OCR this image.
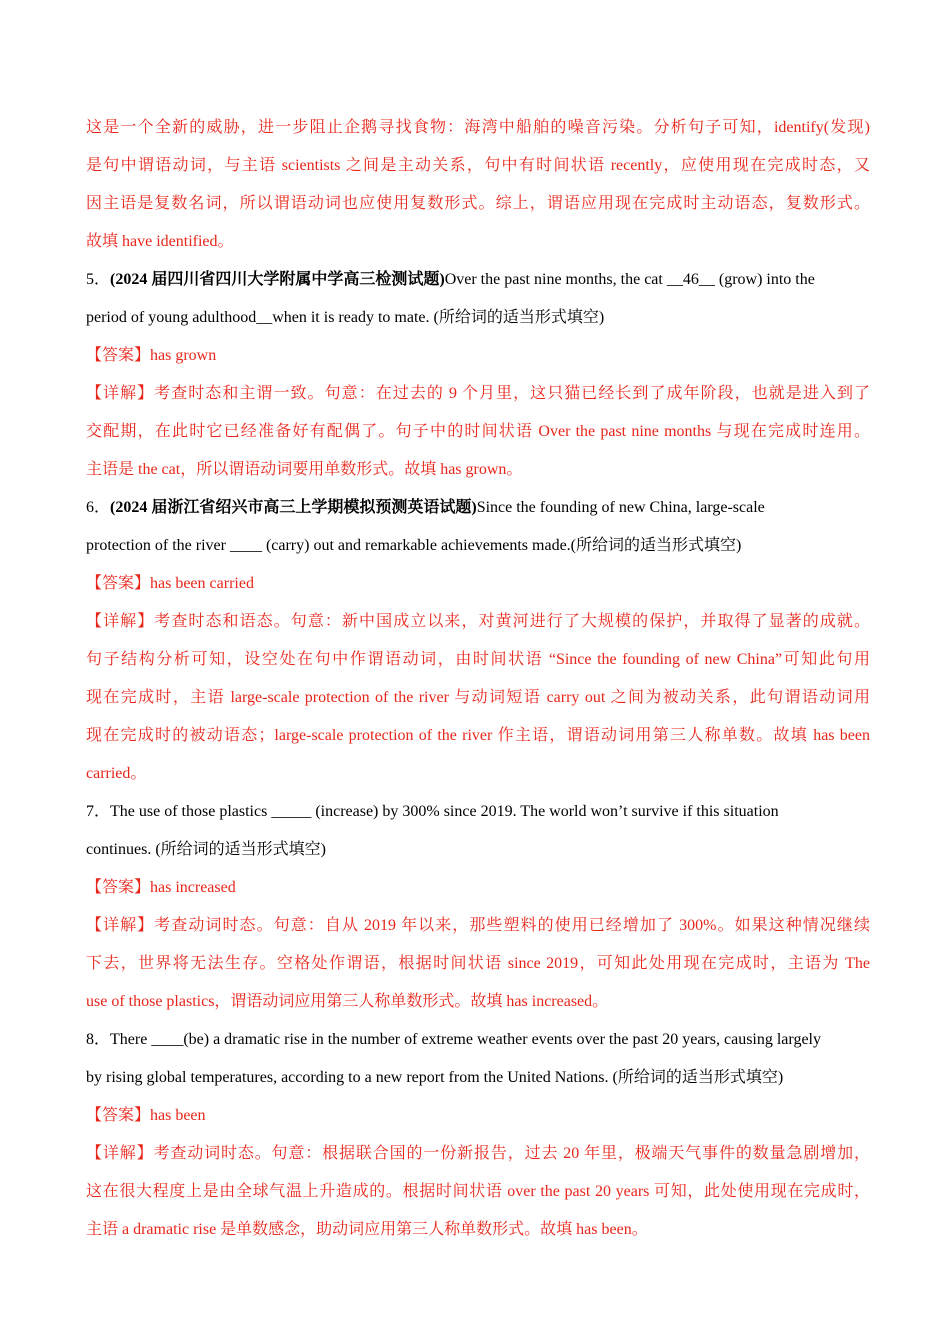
这是一个全新的威胁，进一步阻止企鹅寻找食物：海湾中船舶的噪音污染。分析句子可知，identify(发现)
是句中谓语动词，与主语 scientists 之间是主动关系，句中有时间状语 recently，应使用现在完成时态，又
因主语是复数名词，所以谓语动词也应使用复数形式。综上，谓语应用现在完成时主动语态，复数形式。
故填 have identified。
5．(2024 届四川省四川大学附属中学高三检测试题)Over the past nine months, the cat __46__ (grow) into the
period of young adulthood__when it is ready to mate. (所给词的适当形式填空)
【答案】has grown
【详解】考查时态和主谓一致。句意：在过去的 9 个月里，这只猫已经长到了成年阶段，也就是进入到了
交配期，在此时它已经准备好有配偶了。句子中的时间状语 Over the past nine months 与现在完成时连用。
主语是 the cat，所以谓语动词要用单数形式。故填 has grown。
6．(2024 届浙江省绍兴市高三上学期模拟预测英语试题)Since the founding of new China, large-scale
protection of the river ____ (carry) out and remarkable achievements made.(所给词的适当形式填空)
【答案】has been carried
【详解】考查时态和语态。句意：新中国成立以来，对黄河进行了大规模的保护，并取得了显著的成就。
句子结构分析可知，设空处在句中作谓语动词，由时间状语 “Since the founding of new China”可知此句用
现在完成时，主语 large-scale protection of the river 与动词短语 carry out 之间为被动关系，此句谓语动词用
现在完成时的被动语态；large-scale protection of the river 作主语，谓语动词用第三人称单数。故填 has been
carried。
7．The use of those plastics _____ (increase) by 300% since 2019. The world won’t survive if this situation
continues. (所给词的适当形式填空)
【答案】has increased
【详解】考查动词时态。句意：自从 2019 年以来，那些塑料的使用已经增加了 300%。如果这种情况继续
下去，世界将无法生存。空格处作谓语，根据时间状语 since 2019，可知此处用现在完成时，主语为 The
use of those plastics，谓语动词应用第三人称单数形式。故填 has increased。
8．There ____(be) a dramatic rise in the number of extreme weather events over the past 20 years, causing largely
by rising global temperatures, according to a new report from the United Nations. (所给词的适当形式填空)
【答案】has been
【详解】考查动词时态。句意：根据联合国的一份新报告，过去 20 年里，极端天气事件的数量急剧增加，
这在很大程度上是由全球气温上升造成的。根据时间状语 over the past 20 years 可知，此处使用现在完成时，
主语 a dramatic rise 是单数感念，助动词应用第三人称单数形式。故填 has been。
